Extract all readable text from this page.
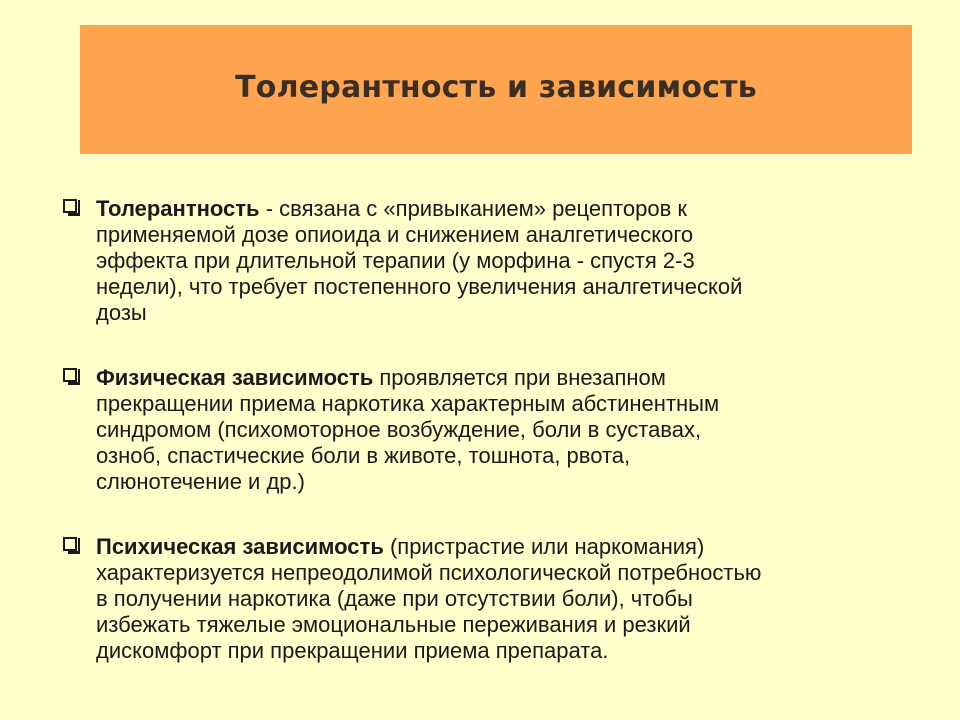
Толерантность и зависимость
Толерантность - связана с «привыканием» рецепторов к
применяемой дозе опиоида и снижением аналгетического
эффекта при длительной терапии (у морфина - спустя 2-3
недели), что требует постепенного увеличения аналгетической
дозы
Физическая зависимость проявляется при внезапном
прекращении приема наркотика характерным абстинентным
синдромом (психомоторное возбуждение, боли в суставах,
озноб, спастические боли в животе, тошнота, рвота,
слюнотечение и др.)
Психическая зависимость (пристрастие или наркомания)
характеризуется непреодолимой психологической потребностью
в получении наркотика (даже при отсутствии боли), чтобы
избежать тяжелые эмоциональные переживания и резкий
дискомфорт при прекращении приема препарата.
